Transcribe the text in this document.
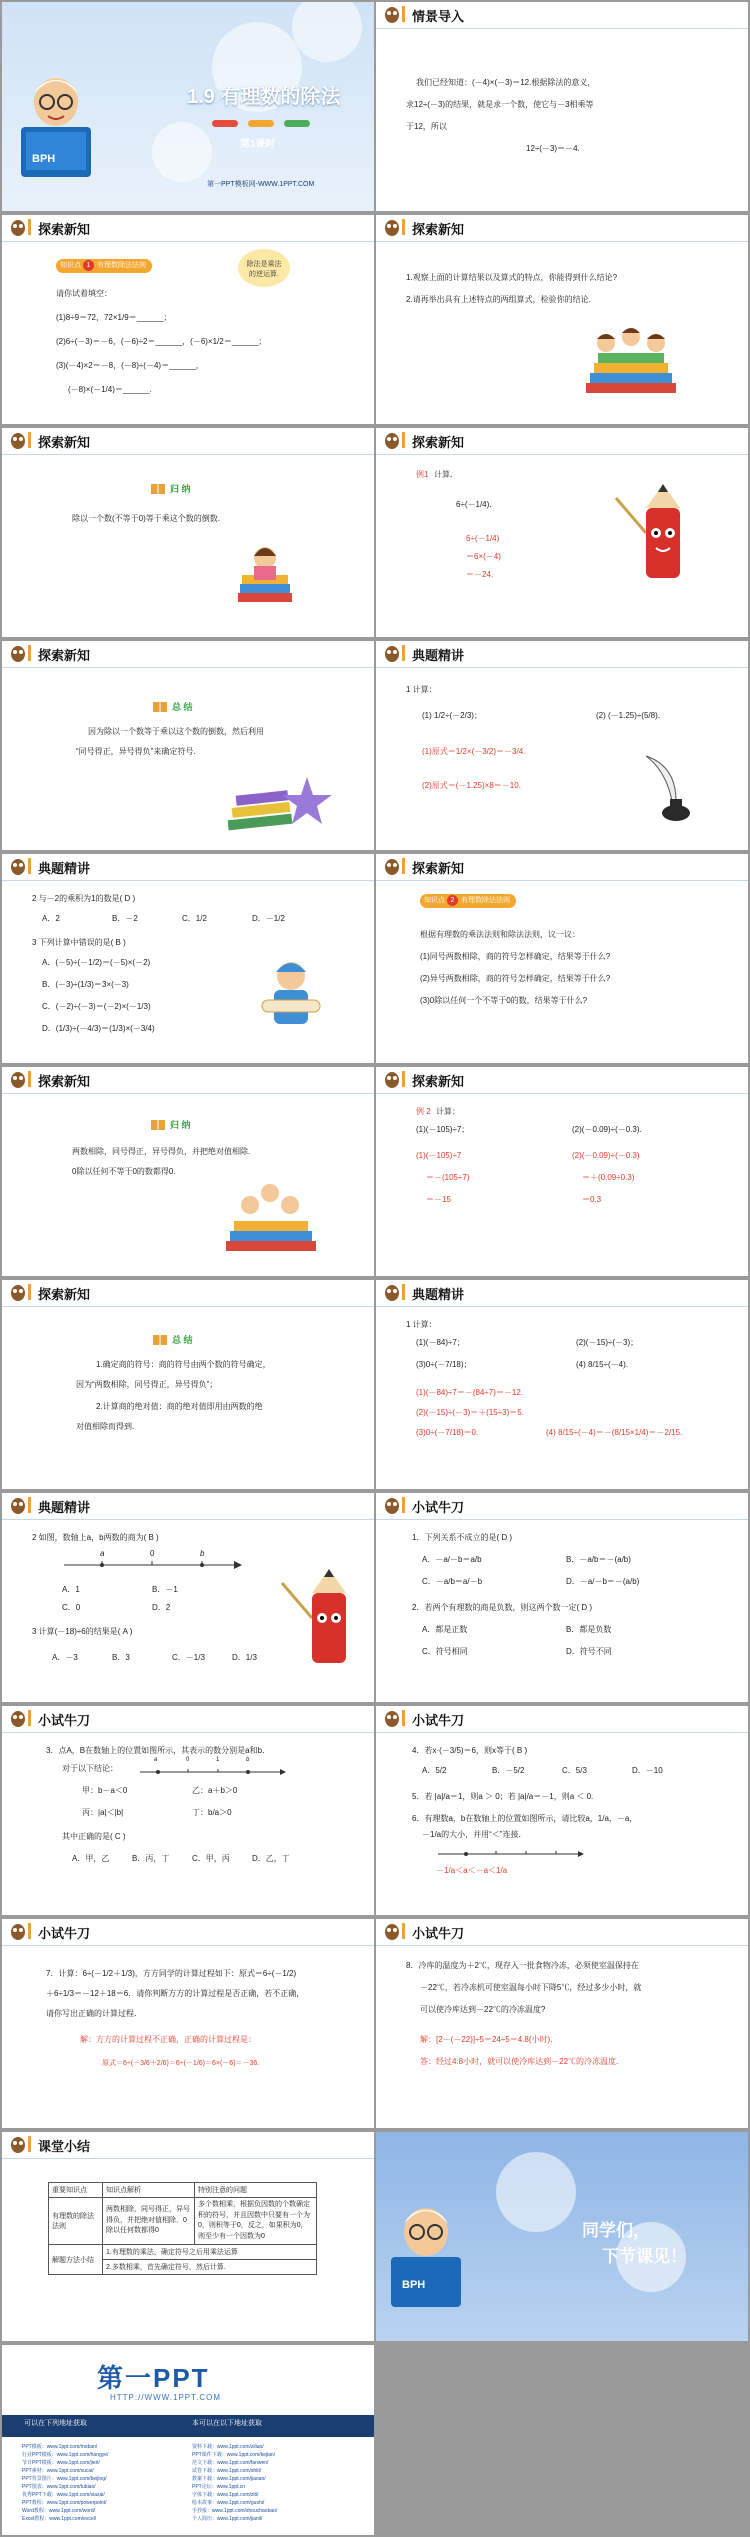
BPH
1.9 有理数的除法
第1课时
第一PPT模板网-WWW.1PPT.COM
情景导入
我们已经知道：(－4)×(－3)＝12.根据除法的意义，
求12÷(－3)的结果，就是求一个数，使它与－3相乘等
于12，所以
12÷(－3)＝－4.
探索新知
知识点 1 有理数除法法则	除法是乘法
的逆运算.
请你试着填空：
(1)8÷9＝72，72×1/9＝______；
(2)6÷(－3)＝－6，(－6)÷2＝______，(－6)×1/2＝______；
(3)(－4)×2＝－8，(－8)÷(－4)＝______，
(－8)×(－1/4)＝______.
探索新知
1.观察上面的计算结果以及算式的特点，你能得到什么结论?
2.请再举出具有上述特点的两组算式，检验你的结论.
探索新知
归 纳
除以一个数(不等于0)等于乘这个数的倒数.
探索新知
例1 计算．
6÷(－1/4)．
6÷(－1/4)
＝6×(－4)
＝－24.
探索新知
总 结
因为除以一个数等于乘以这个数的倒数，然后利用
“同号得正，异号得负”来确定符号.
典题精讲
1 计算：
(1) 1/2÷(－2/3)；	(2) (－1.25)÷(5/8)．
(1)原式＝1/2×(－3/2)＝－3/4.
(2)原式＝(－1.25)×8＝－10.
典题精讲
2 与－2的乘积为1的数是( D )
A．2	B．－2	C．1/2	D．－1/2
3 下列计算中错误的是( B )
A．(－5)÷(－1/2)＝(－5)×(－2)
B．(－3)÷(1/3)＝3×(－3)
C．(－2)÷(－3)＝(－2)×(－1/3)
D．(1/3)÷(－4/3)＝(1/3)×(－3/4)
探索新知
知识点 2 有理数除法法则
根据有理数的乘法法则和除法法则，议一议：
(1)同号两数相除，商的符号怎样确定，结果等于什么?
(2)异号两数相除，商的符号怎样确定，结果等于什么?
(3)0除以任何一个不等于0的数，结果等于什么?
探索新知
归 纳
两数相除，同号得正，异号得负，并把绝对值相除.
0除以任何不等于0的数都得0.
探索新知
例 2 计算：
(1)(－105)÷7；	(2)(－0.09)÷(－0.3).
(1)(－105)÷7
＝－(105÷7)
＝－15
(2)(－0.09)÷(－0.3)
＝＋(0.09÷0.3)
＝0.3
探索新知
总 结
1.确定商的符号：商的符号由两个数的符号确定，
因为“两数相除，同号得正，异号得负”；
2.计算商的绝对值：商的绝对值即用由两数的绝
对值相除而得到.
典题精讲
1 计算：
(1)(－84)÷7；	(2)(－15)÷(－3)；
(3)0÷(－7/18)；	(4) 8/15÷(－4).
(1)(－84)÷7＝－(84÷7)＝－12.
(2)(－15)÷(－3)＝＋(15÷3)＝5.
(3)0÷(－7/18)＝0.	(4) 8/15÷(－4)＝－(8/15×1/4)＝－2/15.
典题精讲
2 如图，数轴上a，b两数的商为( B )
a	0	b
A．1	B．－1
C．0	D．2
3 计算(－18)÷6的结果是( A )
A．－3	B．3	C．－1/3	D．1/3
小试牛刀
1．下列关系不成立的是( D )
A．－a/－b＝a/b	B．－a/b＝－(a/b)
C．－a/b＝a/－b	D．－a/－b＝－(a/b)
2．若两个有理数的商是负数，则这两个数一定( D )
A．都是正数	B．都是负数
C．符号相同	D．符号不同
小试牛刀
3．点A，B在数轴上的位置如图所示，其表示的数分别是a和b．
对于以下结论：
a	0	1	b
甲：b－a＜0	乙：a＋b＞0
丙：|a|＜|b|	丁：b/a＞0
其中正确的是( C )
A．甲，乙	B．丙，丁	C．甲，丙	D．乙，丁
小试牛刀
4．若x·(－3/5)＝6，则x等于( B )
A．5/2	B．－5/2	C．5/3	D．－10
5．若 |a|/a＝1，则a ＞ 0；若 |a|/a＝－1，则a ＜ 0.
6．有理数a，b在数轴上的位置如图所示，请比较a，1/a，－a，
－1/a的大小，并用“＜”连接．
－1/a＜a＜－a＜1/a
小试牛刀
7．计算：6÷(－1/2＋1/3)，方方同学的计算过程如下：原式＝6÷(－1/2)
＋6÷1/3＝－12＋18＝6．请你判断方方的计算过程是否正确，若不正确，
请你写出正确的计算过程．
解：方方的计算过程不正确，正确的计算过程是：
原式＝6÷(－3/6＋2/6)＝6÷(－1/6)＝6×(－6)＝－36.
小试牛刀
8．冷库的温度为＋2℃，现存入一批食物冷冻，必须使室温保持在
－22℃，若冷冻机可使室温每小时下降5℃，经过多少小时，就
可以使冷库达到－22℃的冷冻温度?
解：[2－(－22)]÷5＝24÷5＝4.8(小时)．
答：经过4.8小时，就可以使冷库达到－22℃的冷冻温度．
课堂小结
重要知识点	知识点解析	特别注意的问题
有理数的除法法则	两数相除，同号得正，异号得负，并把绝对值相除．0除以任何数都得0	多个数相乘，根据负因数的个数确定积的符号，并且因数中只要有一个为0，则积等于0，反之，如果积为0，则至少有一个因数为0
解题方法小结	1.有理数的乘法，确定符号之后用乘法运算	
	2.多数相乘，首先确定符号，然后计算.	
BPH
同学们，
下节课见！
第一PPT
HTTP://WWW.1PPT.COM
可以在下列地址获取	本可以在以下地址获取
PPT模板：www.1ppt.com/moban/
行业PPT模板：www.1ppt.com/hangye/
节日PPT模板：www.1ppt.com/jieri/
PPT素材：www.1ppt.com/sucai/
PPT背景图片：www.1ppt.com/beijing/
PPT图表：www.1ppt.com/tubiao/
优秀PPT下载：www.1ppt.com/xiazai/
PPT教程：www.1ppt.com/powerpoint/
Word教程：www.1ppt.com/word/
Excel教程：www.1ppt.com/excel/
资料下载：www.1ppt.com/ziliao/
PPT课件下载：www.1ppt.com/kejian/
范文下载：www.1ppt.com/fanwen/
试卷下载：www.1ppt.com/shiti/
教案下载：www.1ppt.com/jiaoan/
PPT论坛：www.1ppt.cn
字体下载：www.1ppt.com/ziti/
绘本故事：www.1ppt.com/gushi/
手抄报：www.1ppt.com/shouchaobao/
个人简历：www.1ppt.com/jianli/
